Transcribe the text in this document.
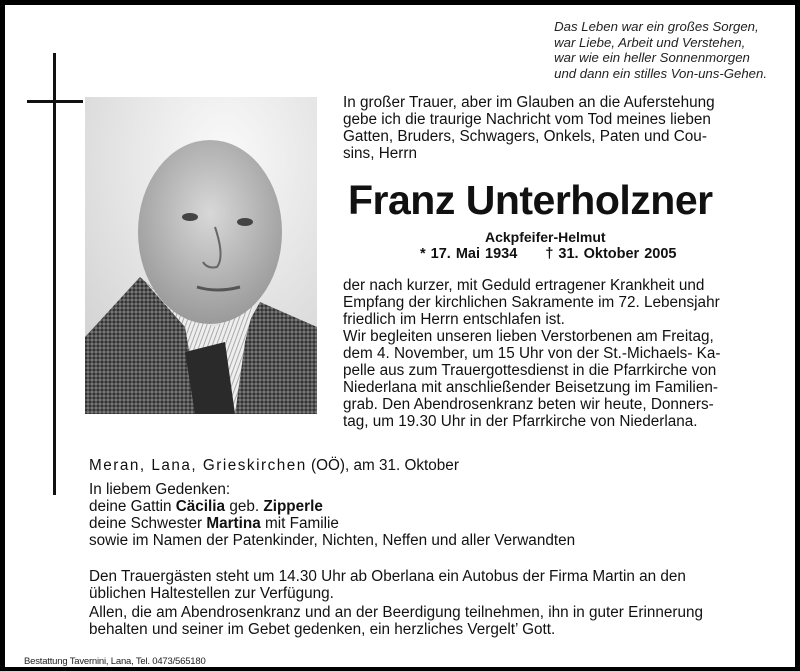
Das Leben war ein großes Sorgen,
war Liebe, Arbeit und Verstehen,
war wie ein heller Sonnenmorgen
und dann ein stilles Von-uns-Gehen.
In großer Trauer, aber im Glauben an die Auferstehung
gebe ich die traurige Nachricht vom Tod meines lieben
Gatten, Bruders, Schwagers, Onkels, Paten und Cou-
sins, Herrn
Franz Unterholzner
Ackpfeifer-Helmut
* 17. Mai 1934 † 31. Oktober 2005
der nach kurzer, mit Geduld ertragener Krankheit und
Empfang der kirchlichen Sakramente im 72. Lebensjahr
friedlich im Herrn entschlafen ist.
Wir begleiten unseren lieben Verstorbenen am Freitag,
dem 4. November, um 15 Uhr von der St.-Michaels- Ka-
pelle aus zum Trauergottesdienst in die Pfarrkirche von
Niederlana mit anschließender Beisetzung im Familien-
grab. Den Abendrosenkranz beten wir heute, Donners-
tag, um 19.30 Uhr in der Pfarrkirche von Niederlana.
Meran, Lana, Grieskirchen (OÖ), am 31. Oktober
In liebem Gedenken:
deine Gattin Cäcilia geb. Zipperle
deine Schwester Martina mit Familie
sowie im Namen der Patenkinder, Nichten, Neffen und aller Verwandten
Den Trauergästen steht um 14.30 Uhr ab Oberlana ein Autobus der Firma Martin an den
üblichen Haltestellen zur Verfügung.
Allen, die am Abendrosenkranz und an der Beerdigung teilnehmen, ihn in guter Erinnerung
behalten und seiner im Gebet gedenken, ein herzliches Vergelt’ Gott.
Bestattung Tavernini, Lana, Tel. 0473/565180
